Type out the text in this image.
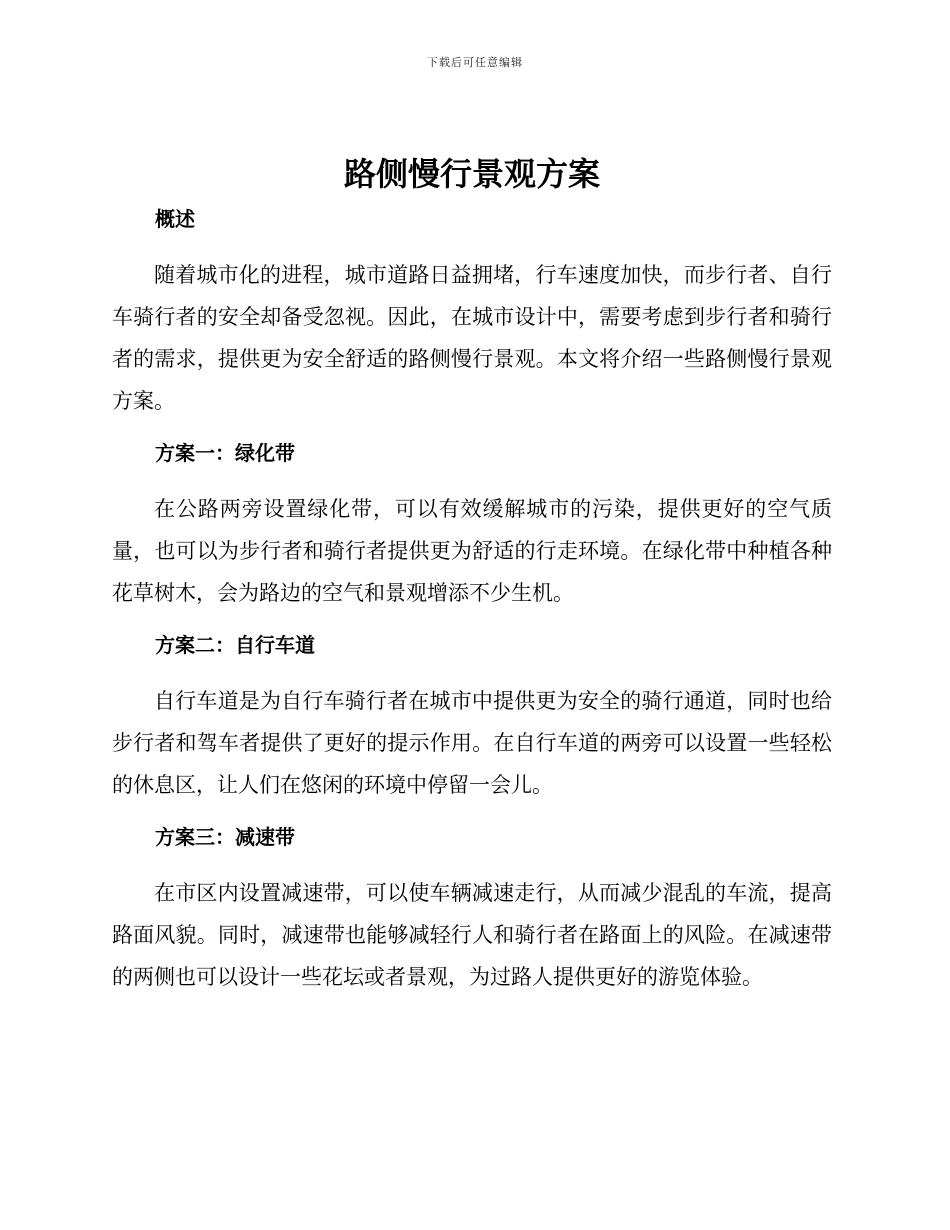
下载后可任意编辑
路侧慢行景观方案
概述

随着城市化的进程，城市道路日益拥堵，行车速度加快，而步行者、自行车骑行者的安全却备受忽视。因此，在城市设计中，需要考虑到步行者和骑行者的需求，提供更为安全舒适的路侧慢行景观。本文将介绍一些路侧慢行景观方案。

方案一：绿化带

在公路两旁设置绿化带，可以有效缓解城市的污染，提供更好的空气质量，也可以为步行者和骑行者提供更为舒适的行走环境。在绿化带中种植各种花草树木，会为路边的空气和景观增添不少生机。

方案二：自行车道

自行车道是为自行车骑行者在城市中提供更为安全的骑行通道，同时也给步行者和驾车者提供了更好的提示作用。在自行车道的两旁可以设置一些轻松的休息区，让人们在悠闲的环境中停留一会儿。

方案三：减速带

在市区内设置减速带，可以使车辆减速走行，从而减少混乱的车流，提高路面风貌。同时，减速带也能够减轻行人和骑行者在路面上的风险。在减速带的两侧也可以设计一些花坛或者景观，为过路人提供更好的游览体验。
